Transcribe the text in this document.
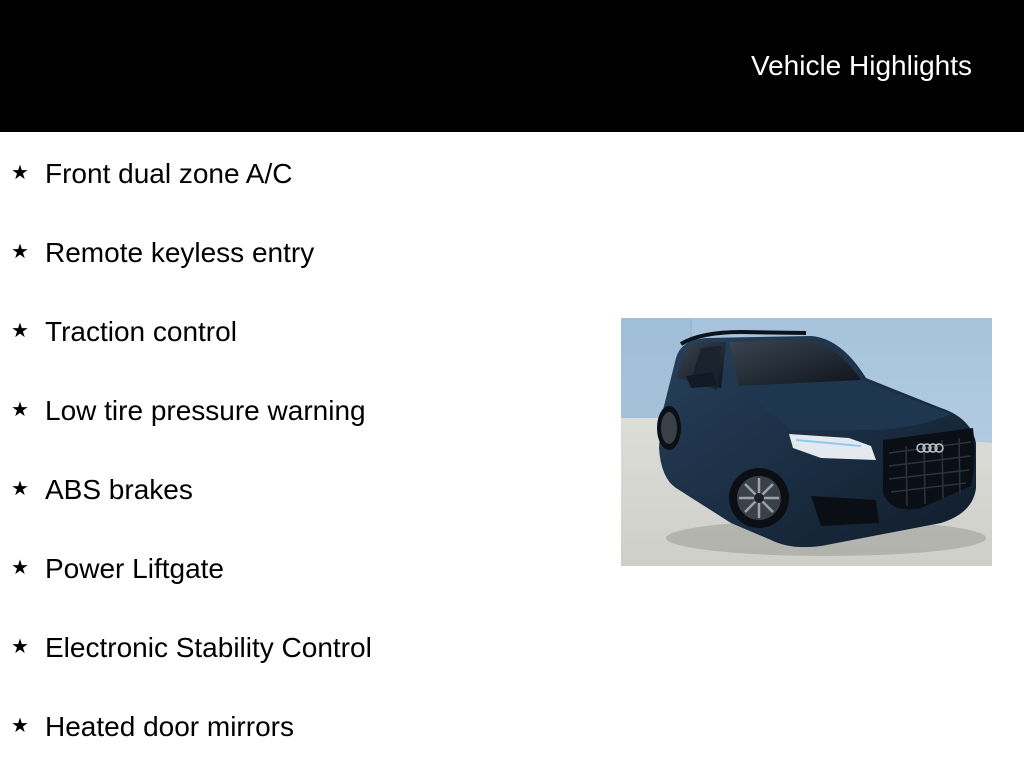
Vehicle Highlights
★ Front dual zone A/C
★ Remote keyless entry
★ Traction control
★ Low tire pressure warning
★ ABS brakes
★ Power Liftgate
★ Electronic Stability Control
★ Heated door mirrors
